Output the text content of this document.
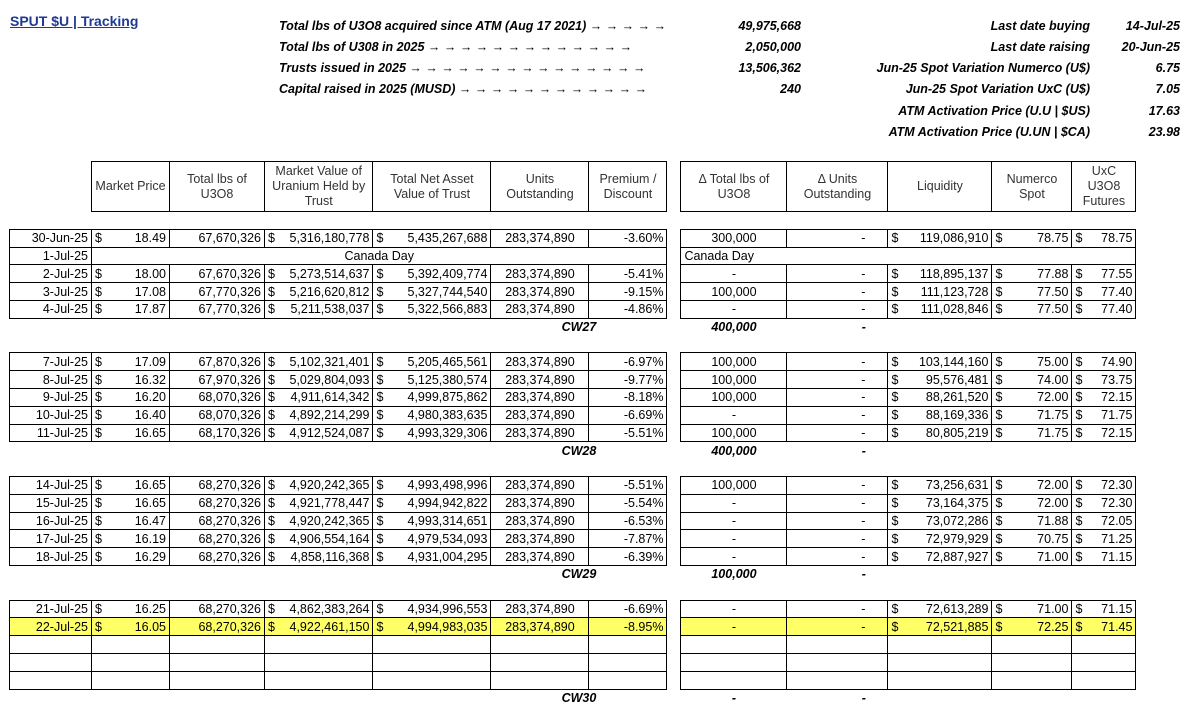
SPUT $U | Tracking	Total lbs of U3O8 acquired since ATM (Aug 17 2021) → → → → →	49,975,668
Total lbs of U308 in 2025 → → → → → → → → → → → → →	2,050,000
Trusts issued in 2025 → → → → → → → → → → → → → → →	13,506,362
Capital raised in 2025 (MUSD) → → → → → → → → → → → →	240
Last date buying	14-Jul-25
Last date raising	20-Jun-25
Jun-25 Spot Variation Numerco (U$)	6.75
Jun-25 Spot Variation UxC (U$)	7.05
ATM Activation Price (U.U | $US)	17.63
ATM Activation Price (U.UN | $CA)	23.98
	Market Price		Total lbs of U3O8	Market Value of Uranium Held by Trust		Total Net Asset Value of Trust		Units Outstanding	Premium / Discount		Δ Total lbs of U3O8	Δ Units Outstanding	Liquidity		Numerco Spot		UxC U3O8 Futures	

30-Jun-25	$	18.49	67,670,326	$	5,316,180,778	$	5,435,267,688	283,374,890	-3.60%		300,000	-	$	119,086,910	$	78.75	$	78.75
1-Jul-25	Canada Day										Canada Day							
2-Jul-25	$	18.00	67,670,326	$	5,273,514,637	$	5,392,409,774	283,374,890	-5.41%		-	-	$	118,895,137	$	77.88	$	77.55
3-Jul-25	$	17.08	67,770,326	$	5,216,620,812	$	5,327,744,540	283,374,890	-9.15%		100,000	-	$	111,123,728	$	77.50	$	77.40
4-Jul-25	$	17.87	67,770,326	$	5,211,538,037	$	5,322,566,883	283,374,890	-4.86%		-	-	$	111,028,846	$	77.50	$	77.40
								CW27			400,000	-						

7-Jul-25	$	17.09	67,870,326	$	5,102,321,401	$	5,205,465,561	283,374,890	-6.97%		100,000	-	$	103,144,160	$	75.00	$	74.90
8-Jul-25	$	16.32	67,970,326	$	5,029,804,093	$	5,125,380,574	283,374,890	-9.77%		100,000	-	$	95,576,481	$	74.00	$	73.75
9-Jul-25	$	16.20	68,070,326	$	4,911,614,342	$	4,999,875,862	283,374,890	-8.18%		100,000	-	$	88,261,520	$	72.00	$	72.15
10-Jul-25	$	16.40	68,070,326	$	4,892,214,299	$	4,980,383,635	283,374,890	-6.69%		-	-	$	88,169,336	$	71.75	$	71.75
11-Jul-25	$	16.65	68,170,326	$	4,912,524,087	$	4,993,329,306	283,374,890	-5.51%		100,000	-	$	80,805,219	$	71.75	$	72.15
								CW28			400,000	-						

14-Jul-25	$	16.65	68,270,326	$	4,920,242,365	$	4,993,498,996	283,374,890	-5.51%		100,000	-	$	73,256,631	$	72.00	$	72.30
15-Jul-25	$	16.65	68,270,326	$	4,921,778,447	$	4,994,942,822	283,374,890	-5.54%		-	-	$	73,164,375	$	72.00	$	72.30
16-Jul-25	$	16.47	68,270,326	$	4,920,242,365	$	4,993,314,651	283,374,890	-6.53%		-	-	$	73,072,286	$	71.88	$	72.05
17-Jul-25	$	16.19	68,270,326	$	4,906,554,164	$	4,979,534,093	283,374,890	-7.87%		-	-	$	72,979,929	$	70.75	$	71.25
18-Jul-25	$	16.29	68,270,326	$	4,858,116,368	$	4,931,004,295	283,374,890	-6.39%		-	-	$	72,887,927	$	71.00	$	71.15
								CW29			100,000	-						

21-Jul-25	$	16.25	68,270,326	$	4,862,383,264	$	4,934,996,553	283,374,890	-6.69%		-	-	$	72,613,289	$	71.00	$	71.15
22-Jul-25	$	16.05	68,270,326	$	4,922,461,150	$	4,994,983,035	283,374,890	-8.95%		-	-	$	72,521,885	$	72.25	$	71.45

								CW30			-	-						
